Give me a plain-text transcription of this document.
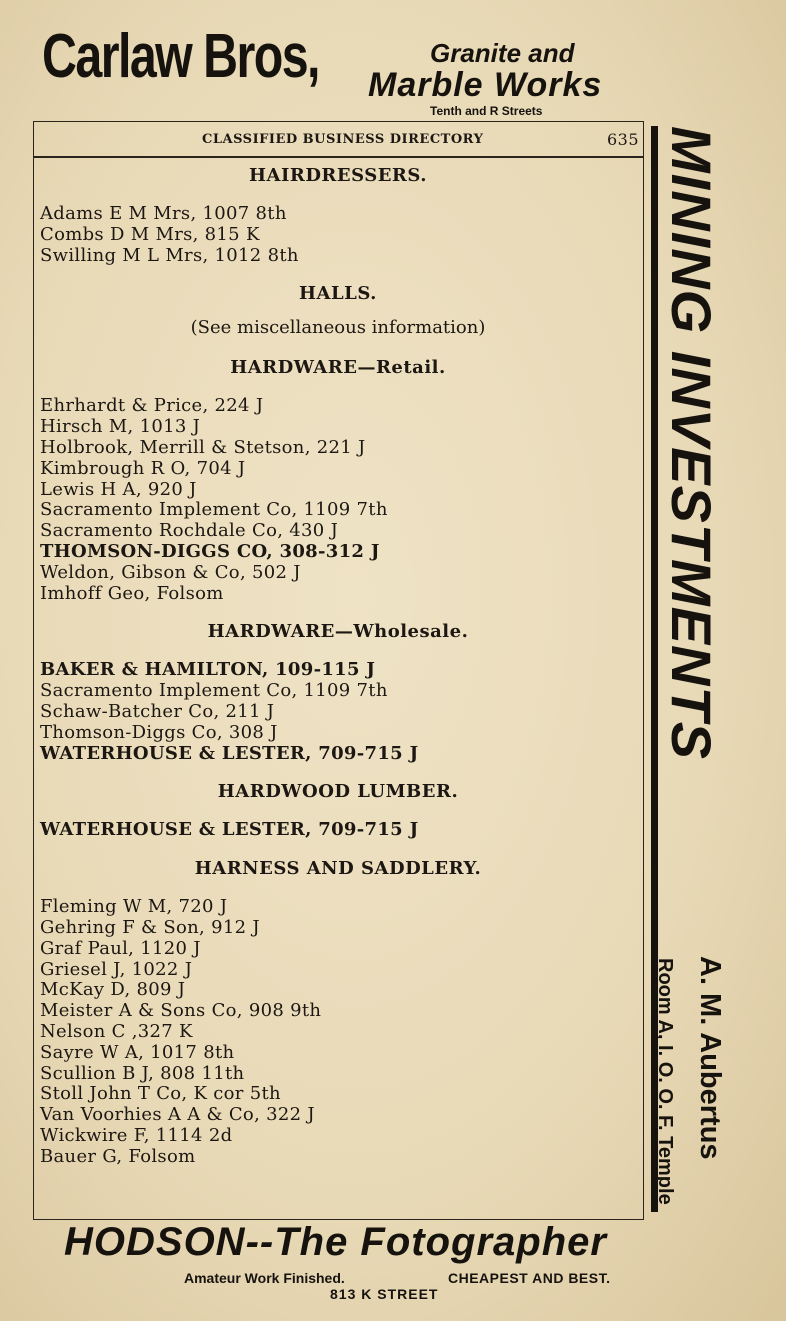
Carlaw Bros,	Granite and
Marble Works
Tenth and R Streets
CLASSIFIED BUSINESS DIRECTORY	635
HAIRDRESSERS.
Adams E M Mrs, 1007 8th
Combs D M Mrs, 815 K
Swilling M L Mrs, 1012 8th
HALLS.
(See miscellaneous information)
HARDWARE—Retail.
Ehrhardt & Price, 224 J
Hirsch M, 1013 J
Holbrook, Merrill & Stetson, 221 J
Kimbrough R O, 704 J
Lewis H A, 920 J
Sacramento Implement Co, 1109 7th
Sacramento Rochdale Co, 430 J
THOMSON-DIGGS CO, 308-312 J
Weldon, Gibson & Co, 502 J
Imhoff Geo, Folsom
HARDWARE—Wholesale.
BAKER & HAMILTON, 109-115 J
Sacramento Implement Co, 1109 7th
Schaw-Batcher Co, 211 J
Thomson-Diggs Co, 308 J
WATERHOUSE & LESTER, 709-715 J
HARDWOOD LUMBER.
WATERHOUSE & LESTER, 709-715 J
HARNESS AND SADDLERY.
Fleming W M, 720 J
Gehring F & Son, 912 J
Graf Paul, 1120 J
Griesel J, 1022 J
McKay D, 809 J
Meister A & Sons Co, 908 9th
Nelson C ,327 K
Sayre W A, 1017 8th
Scullion B J, 808 11th
Stoll John T Co, K cor 5th
Van Voorhies A A & Co, 322 J
Wickwire F, 1114 2d
Bauer G, Folsom
MINING INVESTMENTS
A. M. Aubertus
Room A, I. O. O. F. Temple
HODSON--The Fotographer
Amateur Work Finished.	CHEAPEST AND BEST.
813 K STREET
